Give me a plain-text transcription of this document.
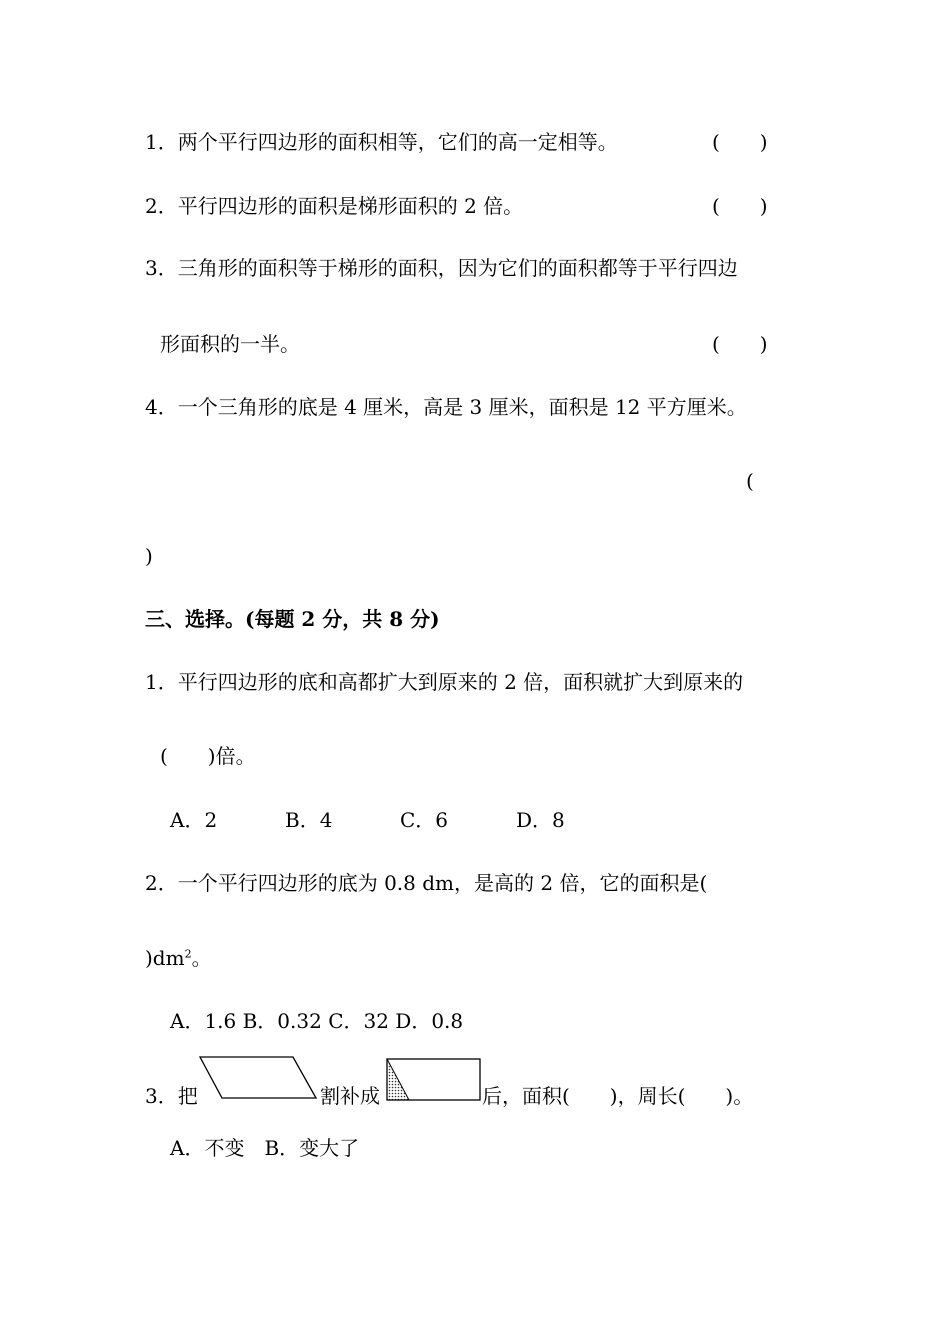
1．两个平行四边形的面积相等，它们的高一定相等。	(　　)
2．平行四边形的面积是梯形面积的 2 倍。	(　　)
3．三角形的面积等于梯形的面积，因为它们的面积都等于平行四边
形面积的一半。	(　　)
4．一个三角形的底是 4 厘米，高是 3 厘米，面积是 12 平方厘米。
(
)
三、选择。(每题 2 分，共 8 分)
1．平行四边形的底和高都扩大到原来的 2 倍，面积就扩大到原来的
(　　)倍。
A．2	B．4	C．6	D．8
2．一个平行四边形的底为 0.8 dm，是高的 2 倍，它的面积是(
)$dm^2$。
A．1.6 B．0.32 C．32 D．0.8
3．把	割补成	后，面积(　　)，周长(　　)。
A．不变　B．变大了
